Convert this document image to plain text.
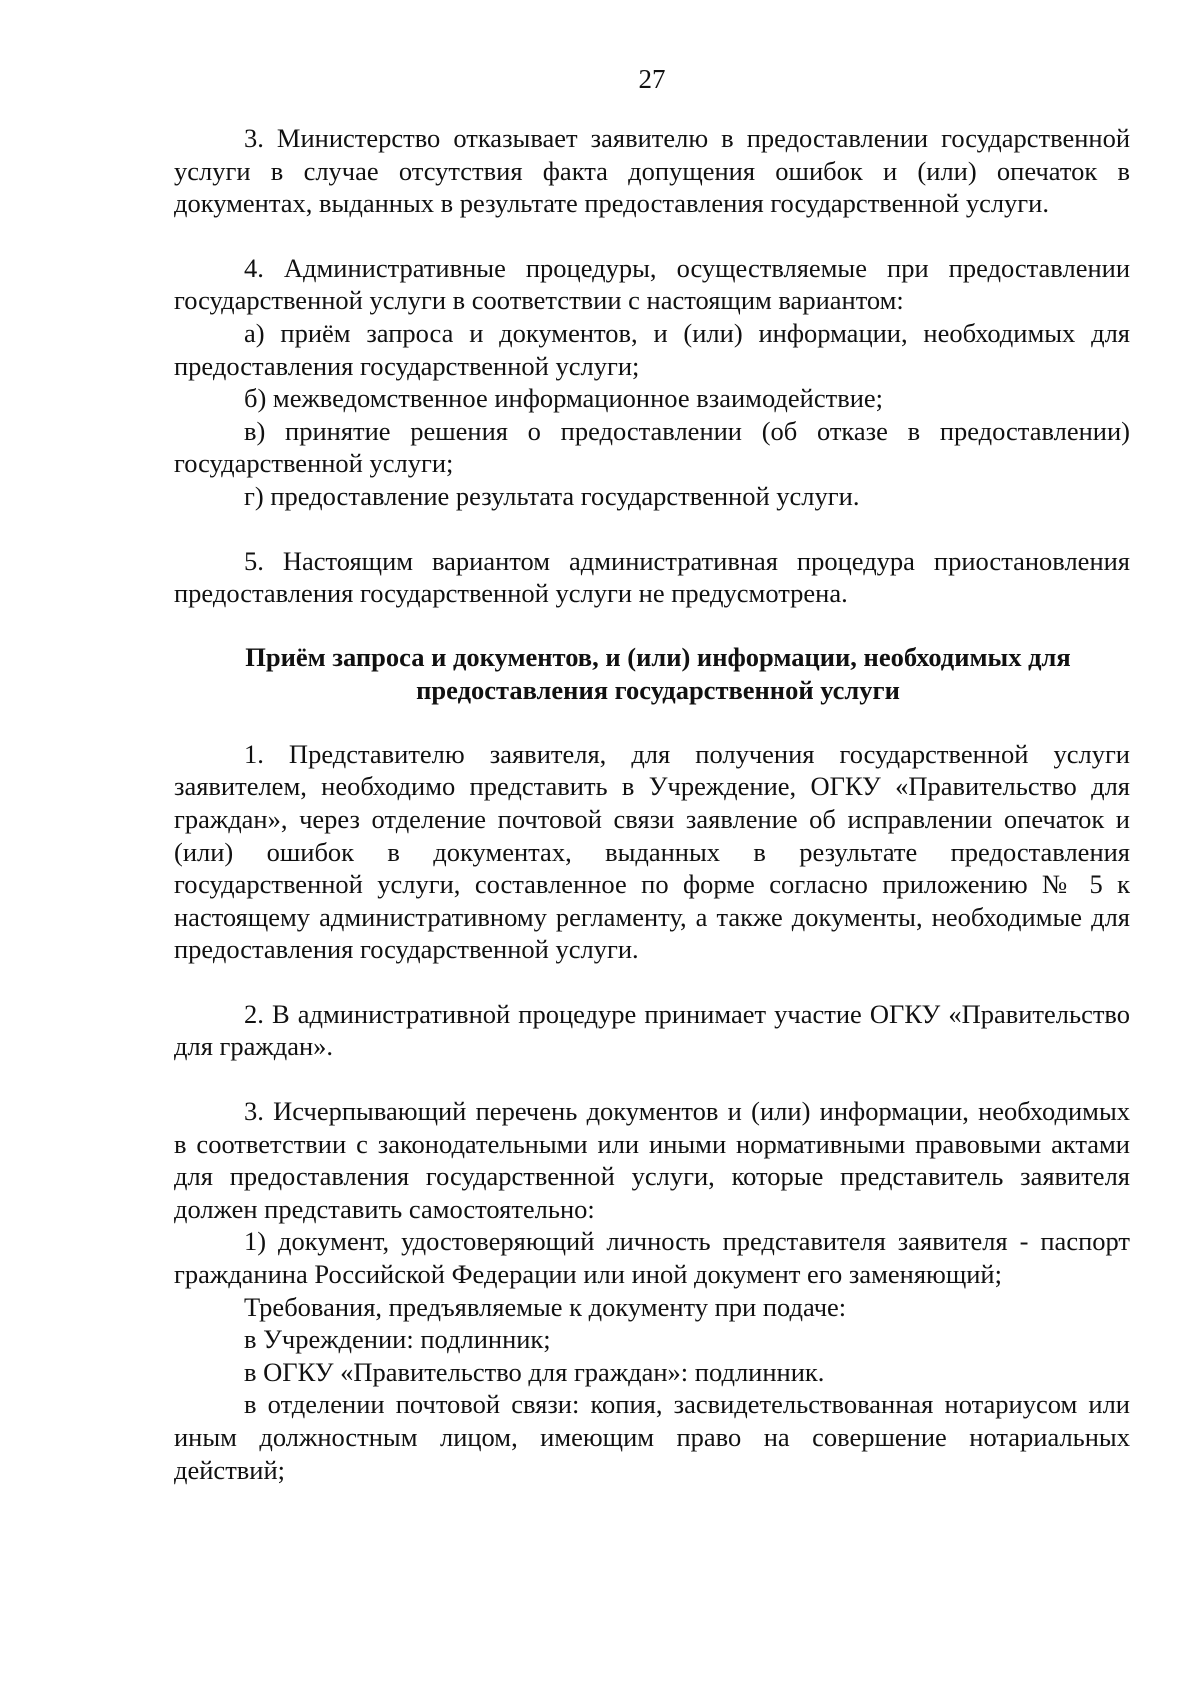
27

3. Министерство отказывает заявителю в предоставлении государственной услуги в случае отсутствия факта допущения ошибок и (или) опечаток в документах, выданных в результате предоставления государственной услуги.

4. Административные процедуры, осуществляемые при предоставлении государственной услуги в соответствии с настоящим вариантом:

а) приём запроса и документов, и (или) информации, необходимых для предоставления государственной услуги;

б) межведомственное информационное взаимодействие;

в) принятие решения о предоставлении (об отказе в предоставлении) государственной услуги;

г) предоставление результата государственной услуги.

5. Настоящим вариантом административная процедура приостановления предоставления государственной услуги не предусмотрена.

Приём запроса и документов, и (или) информации, необходимых для предоставления государственной услуги

1. Представителю заявителя, для получения государственной услуги заявителем, необходимо представить в Учреждение, ОГКУ «Правительство для граждан», через отделение почтовой связи заявление об исправлении опечаток и (или) ошибок в документах, выданных в результате предоставления государственной услуги, составленное по форме согласно приложению № 5 к настоящему административному регламенту, а также документы, необходимые для предоставления государственной услуги.

2. В административной процедуре принимает участие ОГКУ «Правительство для граждан».

3. Исчерпывающий перечень документов и (или) информации, необходимых в соответствии с законодательными или иными нормативными правовыми актами для предоставления государственной услуги, которые представитель заявителя должен представить самостоятельно:

1) документ, удостоверяющий личность представителя заявителя - паспорт гражданина Российской Федерации или иной документ его заменяющий;

Требования, предъявляемые к документу при подаче:

в Учреждении: подлинник;

в ОГКУ «Правительство для граждан»: подлинник.

в отделении почтовой связи: копия, засвидетельствованная нотариусом или иным должностным лицом, имеющим право на совершение нотариальных действий;
